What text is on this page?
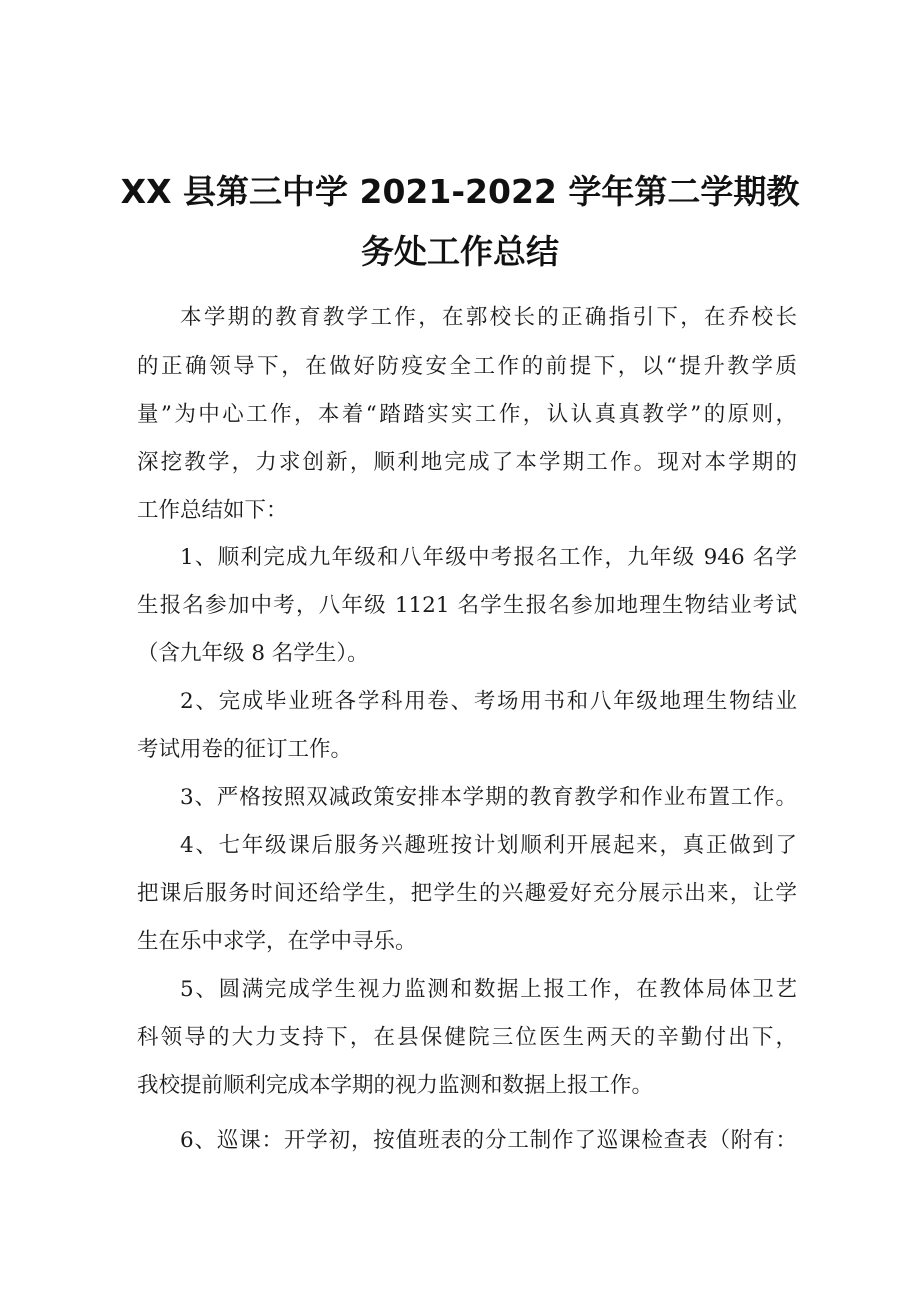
XX 县第三中学 2021-2022 学年第二学期教
务处工作总结
本学期的教育教学工作，在郭校长的正确指引下，在乔校长
的正确领导下，在做好防疫安全工作的前提下，以“提升教学质
量”为中心工作，本着“踏踏实实工作，认认真真教学”的原则，
深挖教学，力求创新，顺利地完成了本学期工作。现对本学期的
工作总结如下：
1、顺利完成九年级和八年级中考报名工作，九年级 946 名学
生报名参加中考，八年级 1121 名学生报名参加地理生物结业考试
（含九年级 8 名学生）。
2、完成毕业班各学科用卷、考场用书和八年级地理生物结业
考试用卷的征订工作。
3、严格按照双减政策安排本学期的教育教学和作业布置工作。
4、七年级课后服务兴趣班按计划顺利开展起来，真正做到了
把课后服务时间还给学生，把学生的兴趣爱好充分展示出来，让学
生在乐中求学，在学中寻乐。
5、圆满完成学生视力监测和数据上报工作，在教体局体卫艺
科领导的大力支持下，在县保健院三位医生两天的辛勤付出下，
我校提前顺利完成本学期的视力监测和数据上报工作。
6、巡课：开学初，按值班表的分工制作了巡课检查表（附有：
